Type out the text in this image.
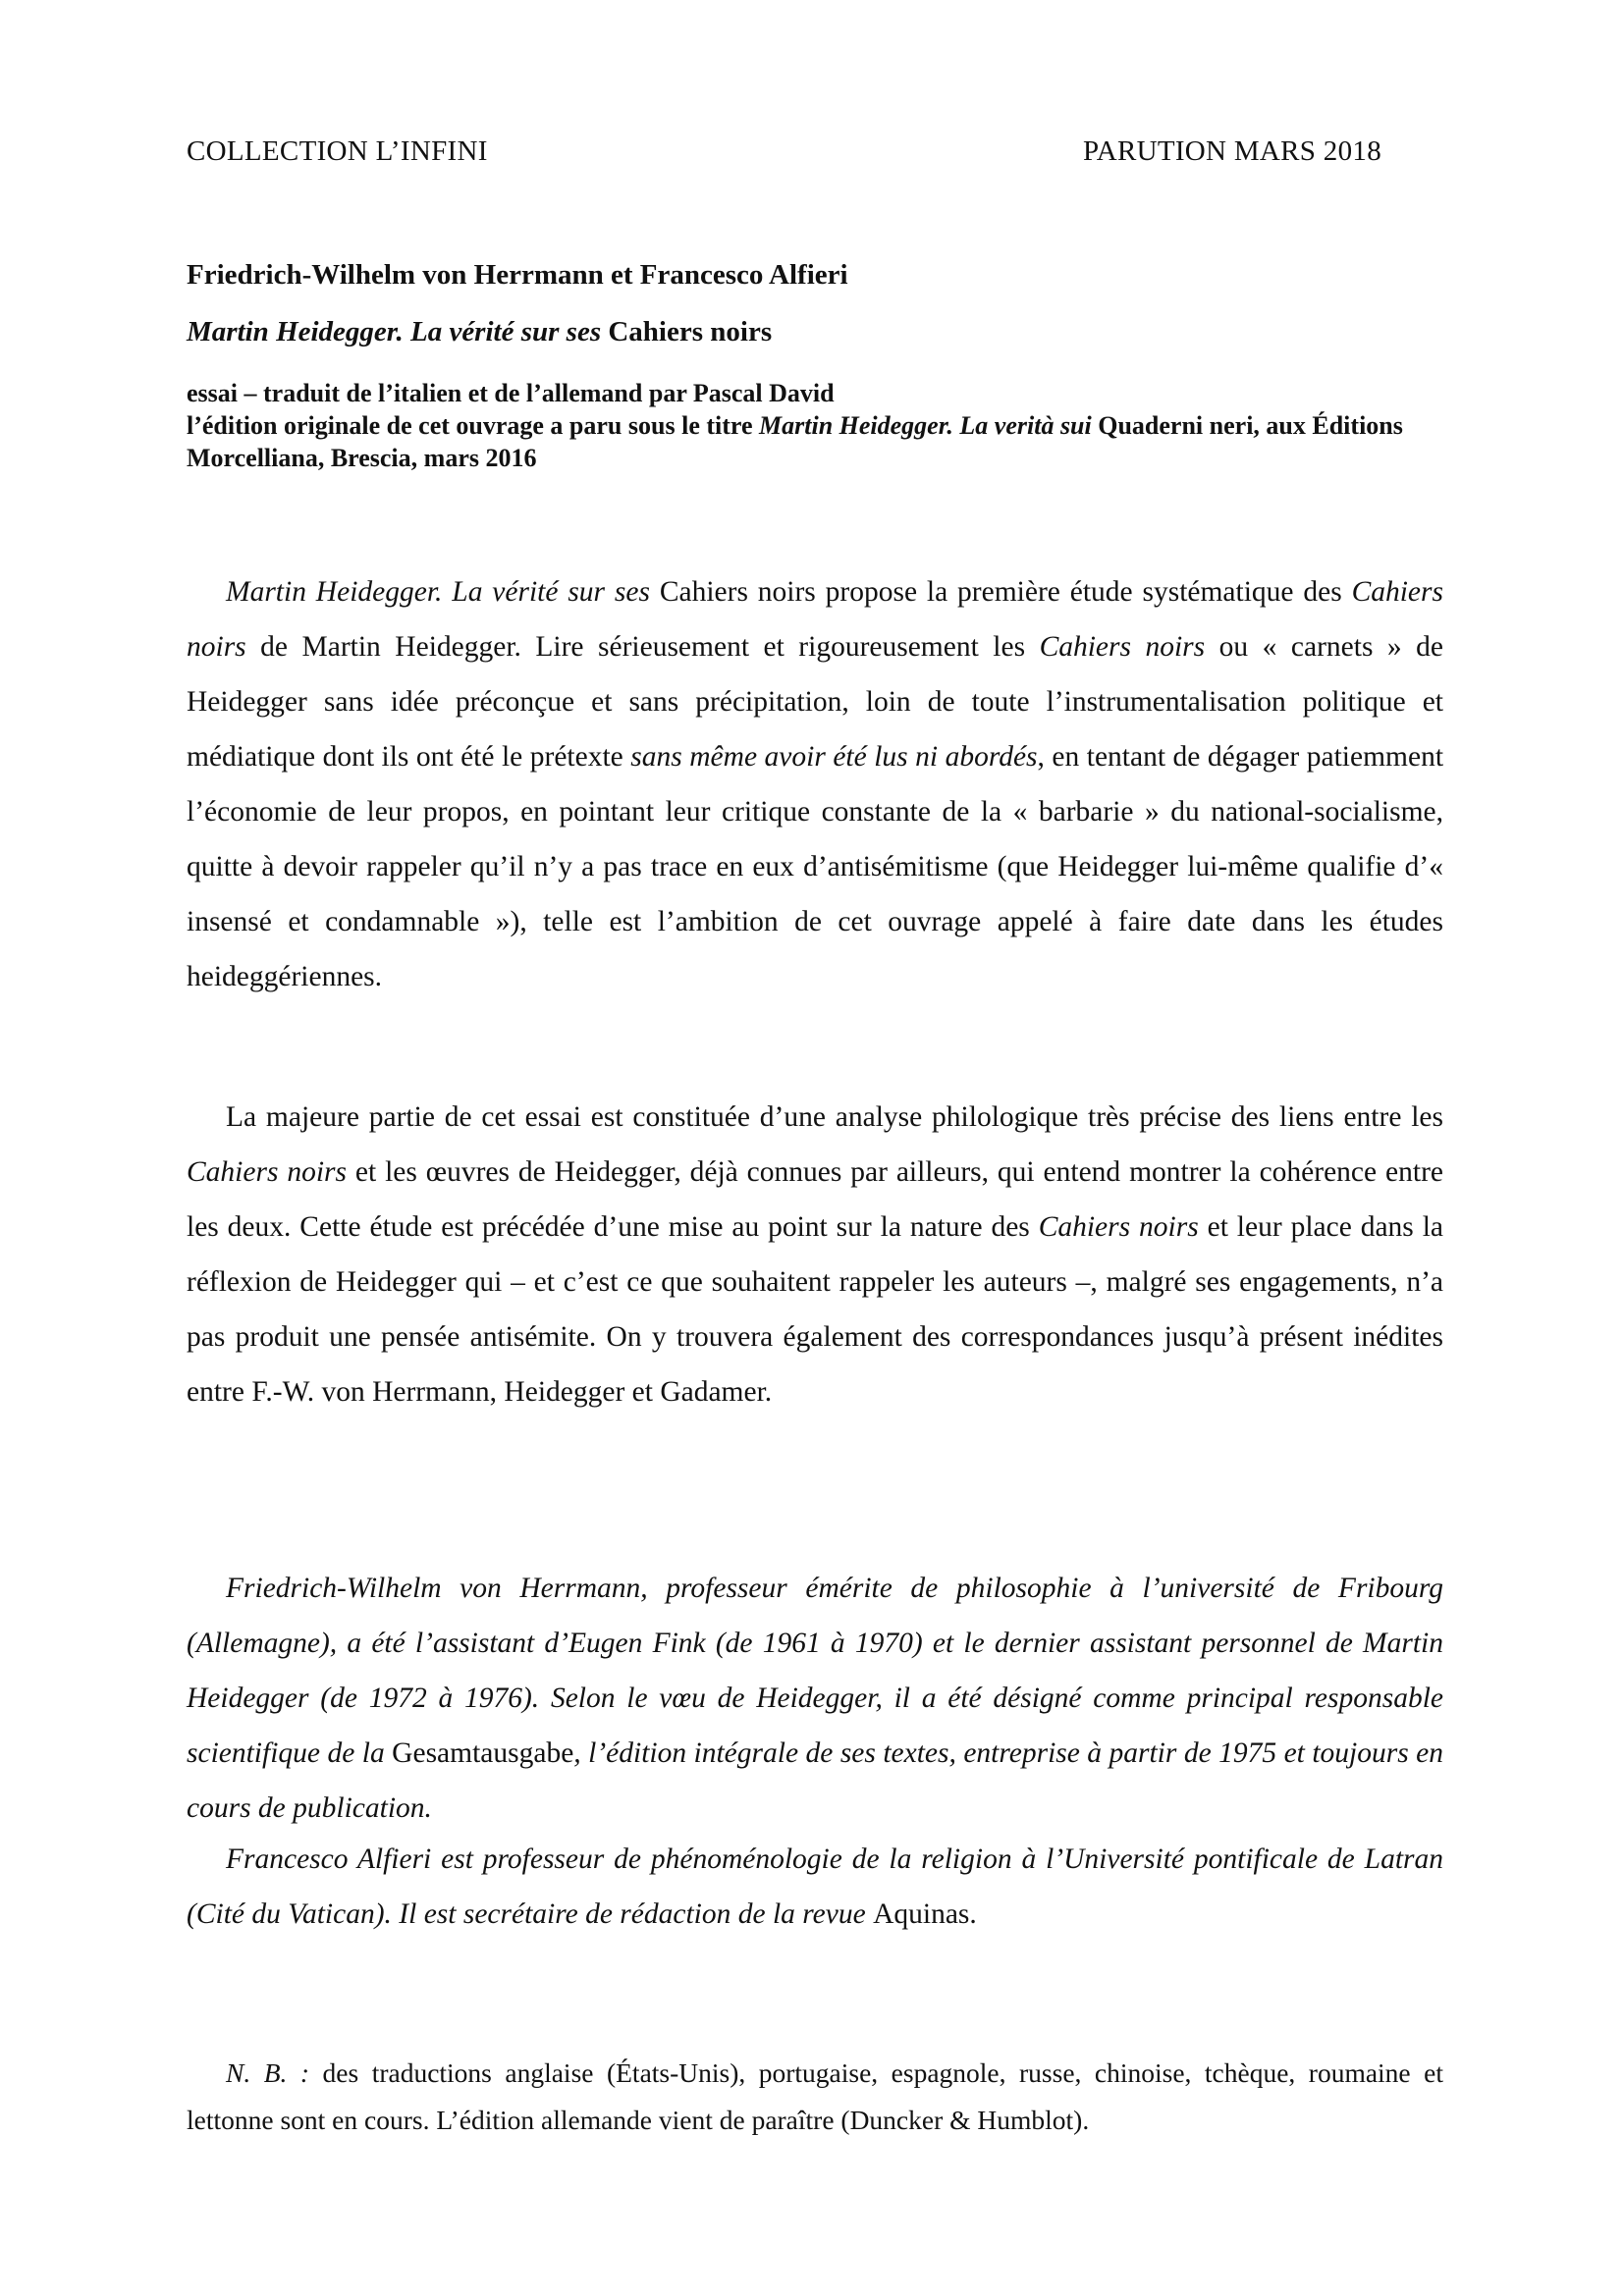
COLLECTION L’INFINI	PARUTION MARS 2018
Friedrich-Wilhelm von Herrmann et Francesco Alfieri
Martin Heidegger. La vérité sur ses Cahiers noirs
essai – traduit de l’italien et de l’allemand par Pascal David
l’édition originale de cet ouvrage a paru sous le titre Martin Heidegger. La verità sui Quaderni neri, aux Éditions Morcelliana, Brescia, mars 2016

Martin Heidegger. La vérité sur ses Cahiers noirs propose la première étude systématique des Cahiers noirs de Martin Heidegger. Lire sérieusement et rigoureusement les Cahiers noirs ou « carnets » de Heidegger sans idée préconçue et sans précipitation, loin de toute l’instrumentalisation politique et médiatique dont ils ont été le prétexte sans même avoir été lus ni abordés, en tentant de dégager patiemment l’économie de leur propos, en pointant leur critique constante de la « barbarie » du national-socialisme, quitte à devoir rappeler qu’il n’y a pas trace en eux d’antisémitisme (que Heidegger lui-même qualifie d’« insensé et condamnable »), telle est l’ambition de cet ouvrage appelé à faire date dans les études heideggériennes.

La majeure partie de cet essai est constituée d’une analyse philologique très précise des liens entre les Cahiers noirs et les œuvres de Heidegger, déjà connues par ailleurs, qui entend montrer la cohérence entre les deux. Cette étude est précédée d’une mise au point sur la nature des Cahiers noirs et leur place dans la réflexion de Heidegger qui – et c’est ce que souhaitent rappeler les auteurs –, malgré ses engagements, n’a pas produit une pensée antisémite. On y trouvera également des correspondances jusqu’à présent inédites entre F.-W. von Herrmann, Heidegger et Gadamer.

Friedrich-Wilhelm von Herrmann, professeur émérite de philosophie à l’université de Fribourg (Allemagne), a été l’assistant d’Eugen Fink (de 1961 à 1970) et le dernier assistant personnel de Martin Heidegger (de 1972 à 1976). Selon le vœu de Heidegger, il a été désigné comme principal responsable scientifique de la Gesamtausgabe, l’édition intégrale de ses textes, entreprise à partir de 1975 et toujours en cours de publication.

Francesco Alfieri est professeur de phénoménologie de la religion à l’Université pontificale de Latran (Cité du Vatican). Il est secrétaire de rédaction de la revue Aquinas.

N. B. : des traductions anglaise (États-Unis), portugaise, espagnole, russe, chinoise, tchèque, roumaine et lettonne sont en cours. L’édition allemande vient de paraître (Duncker & Humblot).
